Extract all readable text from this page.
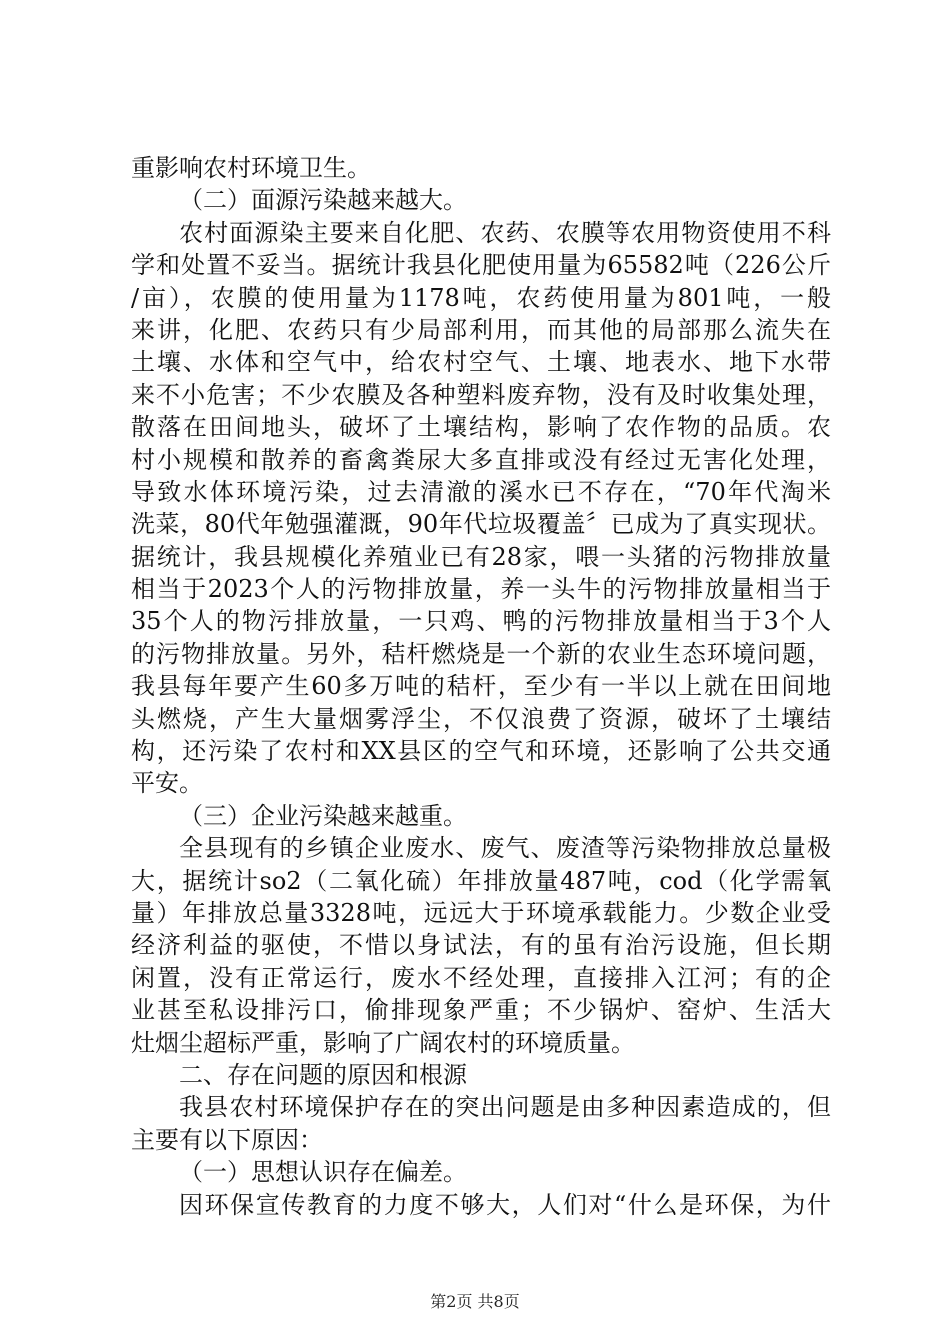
重影响农村环境卫生。
（二）面源污染越来越大。
农村面源染主要来自化肥、农药、农膜等农用物资使用不科
学和处置不妥当。据统计我县化肥使用量为65582吨（226公斤
/亩），农膜的使用量为1178吨，农药使用量为801吨，一般
来讲，化肥、农药只有少局部利用，而其他的局部那么流失在
土壤、水体和空气中，给农村空气、土壤、地表水、地下水带
来不小危害；不少农膜及各种塑料废弃物，没有及时收集处理，
散落在田间地头，破坏了土壤结构，影响了农作物的品质。农
村小规模和散养的畜禽粪尿大多直排或没有经过无害化处理，
导致水体环境污染，过去清澈的溪水已不存在，“70年代淘米
洗菜，80代年勉强灌溉，90年代垃圾覆盖〞已成为了真实现状。
据统计，我县规模化养殖业已有28家，喂一头猪的污物排放量
相当于2023个人的污物排放量，养一头牛的污物排放量相当于
35个人的物污排放量，一只鸡、鸭的污物排放量相当于3个人
的污物排放量。另外，秸杆燃烧是一个新的农业生态环境问题，
我县每年要产生60多万吨的秸杆，至少有一半以上就在田间地
头燃烧，产生大量烟雾浮尘，不仅浪费了资源，破坏了土壤结
构，还污染了农村和XX县区的空气和环境，还影响了公共交通
平安。
（三）企业污染越来越重。
全县现有的乡镇企业废水、废气、废渣等污染物排放总量极
大，据统计so2（二氧化硫）年排放量487吨，cod（化学需氧
量）年排放总量3328吨，远远大于环境承载能力。少数企业受
经济利益的驱使，不惜以身试法，有的虽有治污设施，但长期
闲置，没有正常运行，废水不经处理，直接排入江河；有的企
业甚至私设排污口，偷排现象严重；不少锅炉、窑炉、生活大
灶烟尘超标严重，影响了广阔农村的环境质量。
二、存在问题的原因和根源
我县农村环境保护存在的突出问题是由多种因素造成的，但
主要有以下原因：
（一）思想认识存在偏差。
因环保宣传教育的力度不够大，人们对“什么是环保，为什
第2页 共8页
